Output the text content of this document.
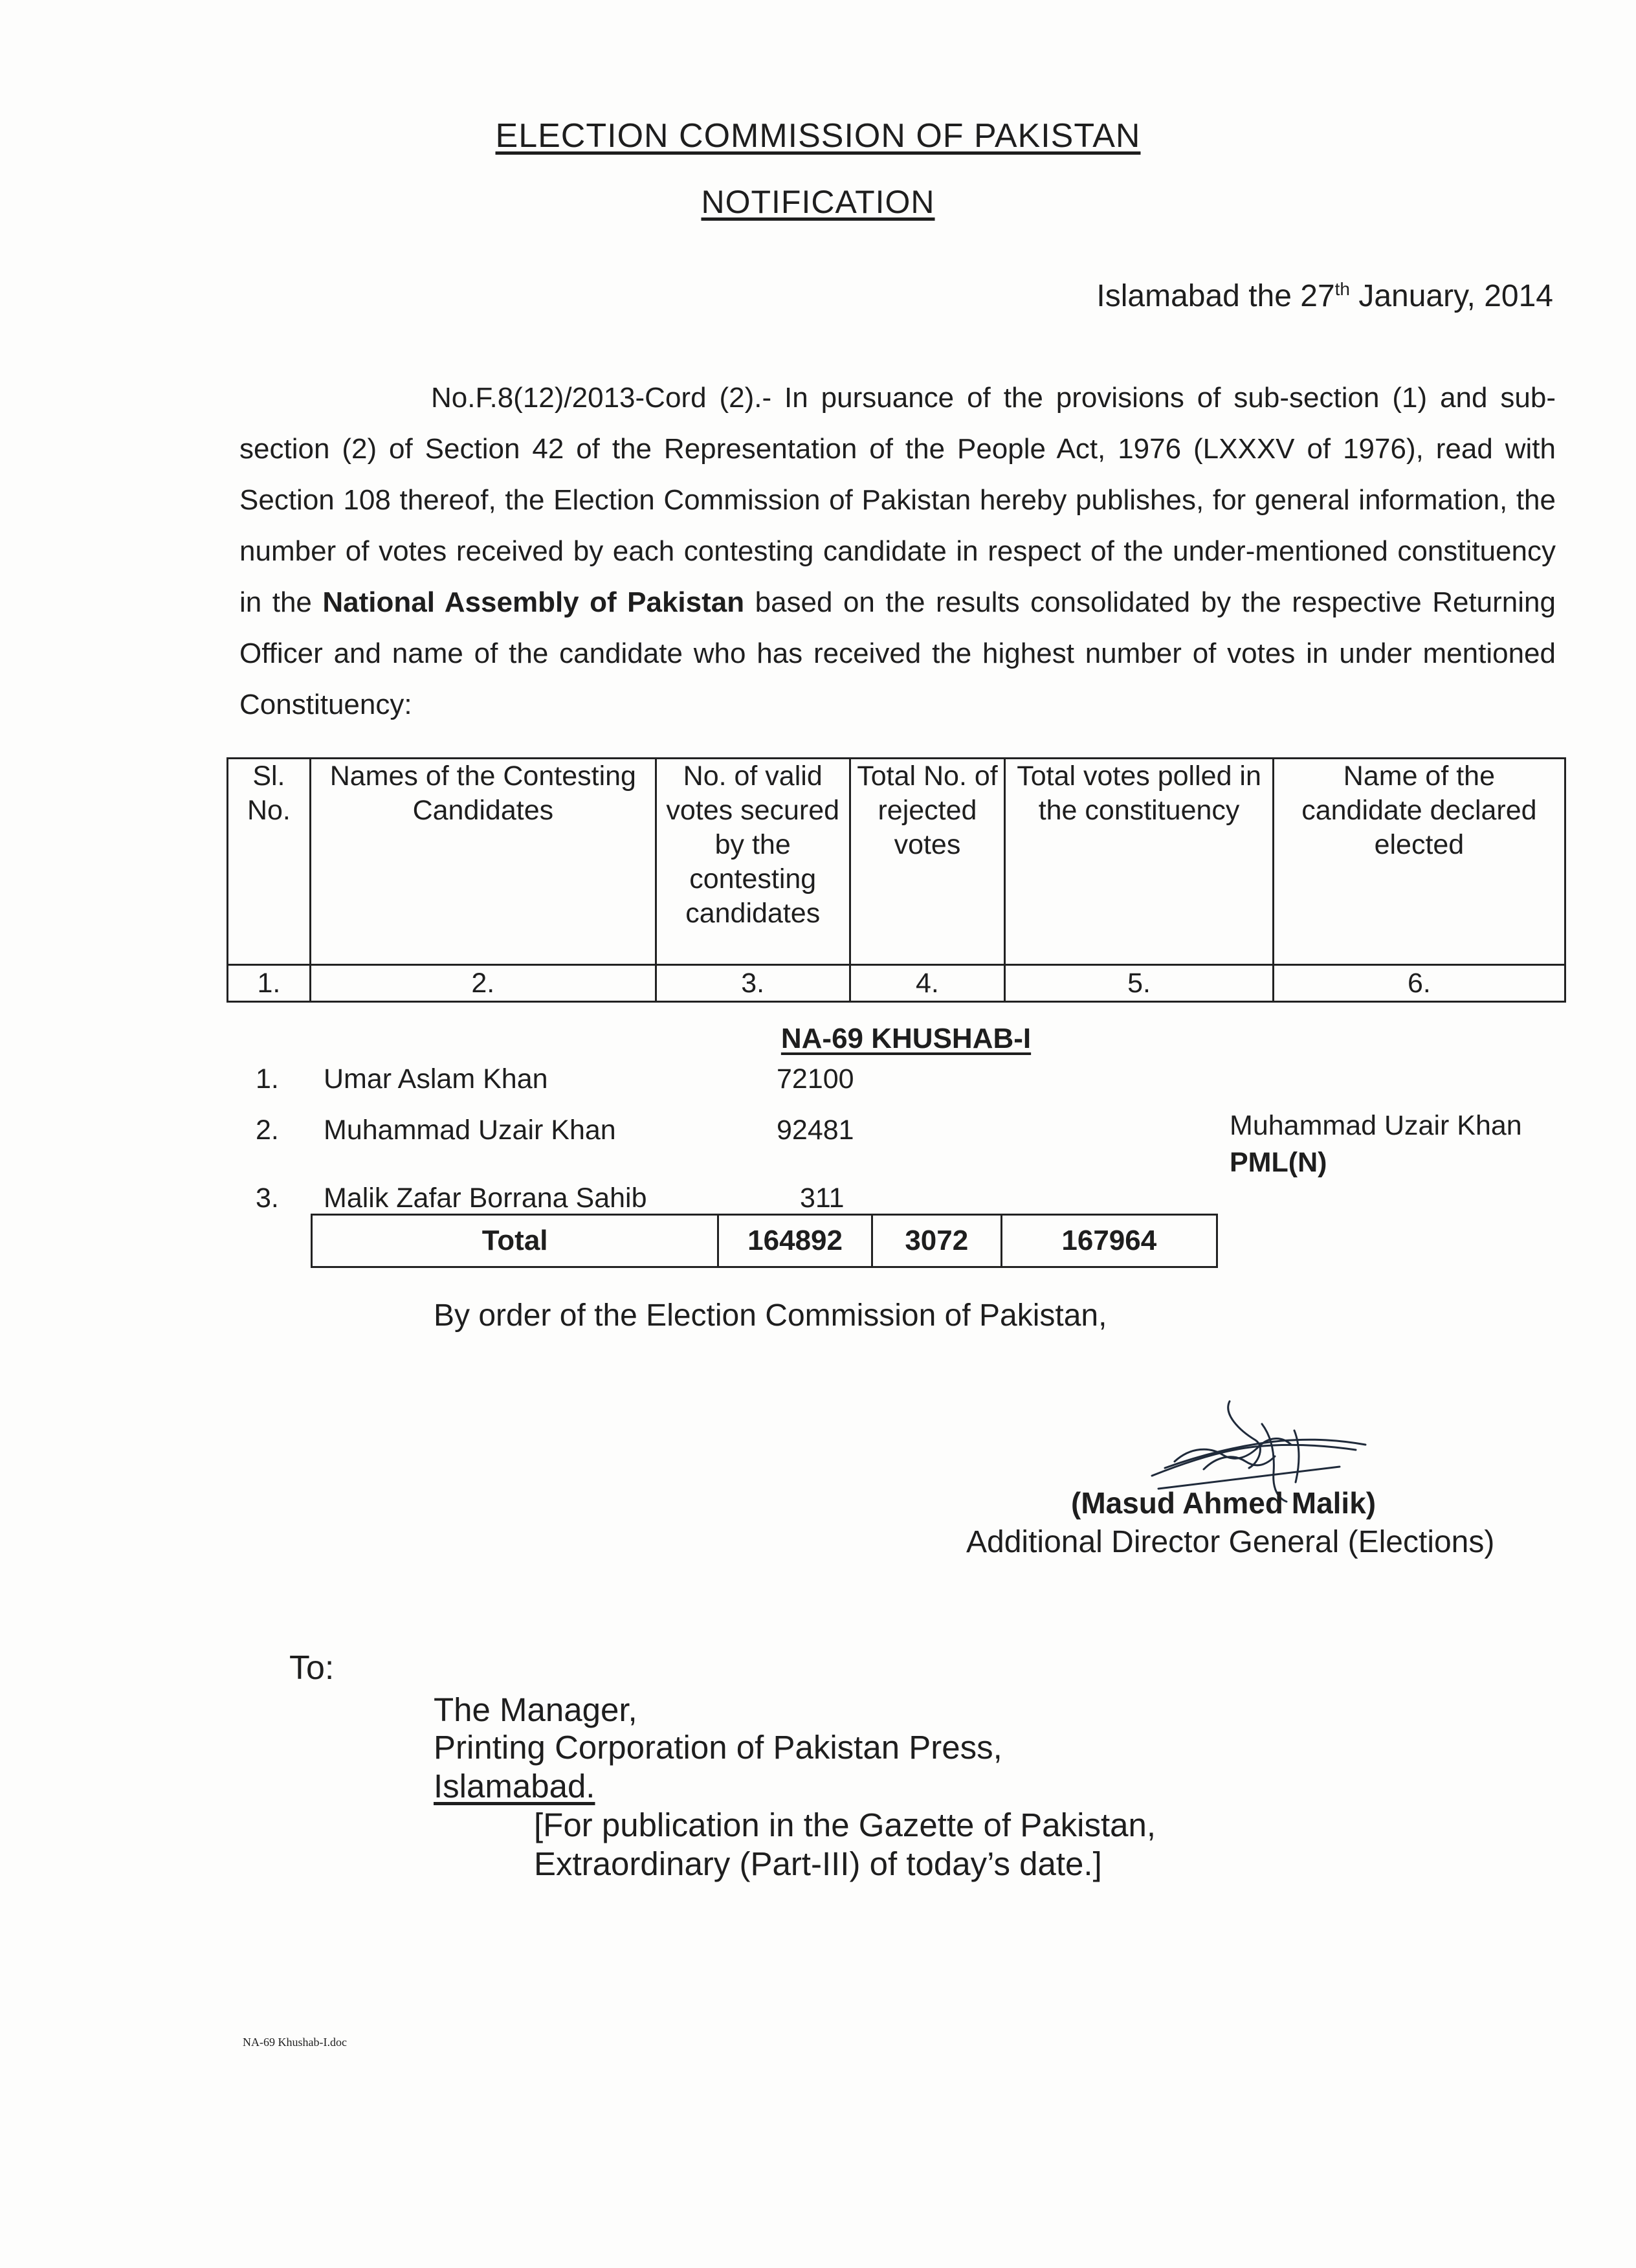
ELECTION COMMISSION OF PAKISTAN
NOTIFICATION
Islamabad the 27th January, 2014
No.F.8(12)/2013-Cord (2).- In pursuance of the provisions of sub-section (1) and sub-section (2) of Section 42 of the Representation of the People Act, 1976 (LXXXV of 1976), read with Section 108 thereof, the Election Commission of Pakistan hereby publishes, for general information, the number of votes received by each contesting candidate in respect of the under-mentioned constituency in the National Assembly of Pakistan based on the results consolidated by the respective Returning Officer and name of the candidate who has received the highest number of votes in under mentioned Constituency:
Sl. No.	Names of the Contesting Candidates	No. of valid votes secured by the contesting candidates	Total No. of rejected votes	Total votes polled in the constituency	Name of the candidate declared elected
1.	2.	3.	4.	5.	6.
NA-69 KHUSHAB-I
1. Umar Aslam Khan	72100
2. Muhammad Uzair Khan	92481	Muhammad Uzair Khan
PML(N)
3. Malik Zafar Borrana Sahib	311
Total	164892	3072	167964
By order of the Election Commission of Pakistan,
(Masud Ahmed Malik)
Additional Director General (Elections)
To:
The Manager,
Printing Corporation of Pakistan Press,
Islamabad.
[For publication in the Gazette of Pakistan,
Extraordinary (Part-III) of today’s date.]
NA-69 Khushab-I.doc
